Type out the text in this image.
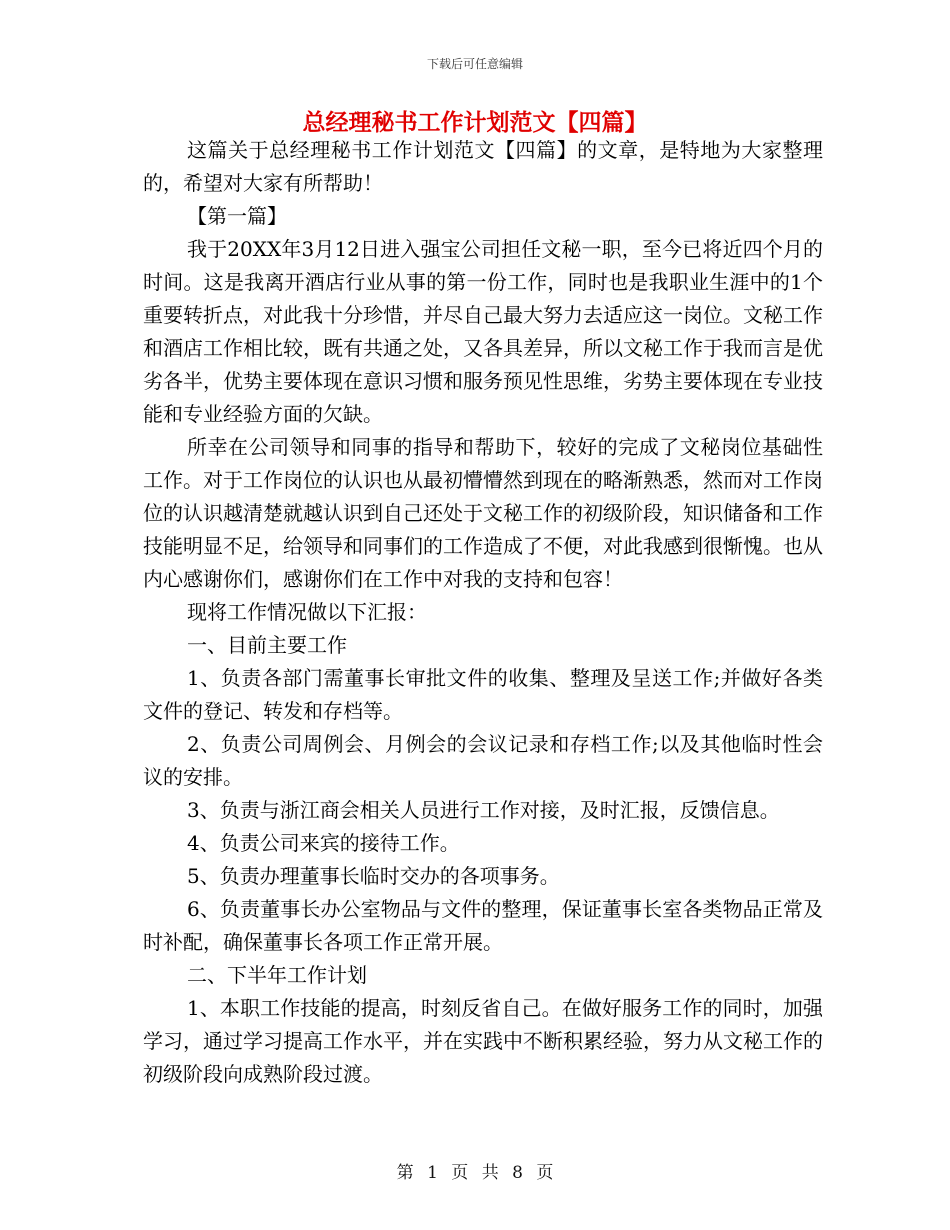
下载后可任意编辑
总经理秘书工作计划范文【四篇】

这篇关于总经理秘书工作计划范文【四篇】的文章，是特地为大家整理的，希望对大家有所帮助！

【第一篇】

我于20XX年3月12日进入强宝公司担任文秘一职，至今已将近四个月的时间。这是我离开酒店行业从事的第一份工作，同时也是我职业生涯中的1个重要转折点，对此我十分珍惜，并尽自己最大努力去适应这一岗位。文秘工作和酒店工作相比较，既有共通之处，又各具差异，所以文秘工作于我而言是优劣各半，优势主要体现在意识习惯和服务预见性思维，劣势主要体现在专业技能和专业经验方面的欠缺。

所幸在公司领导和同事的指导和帮助下，较好的完成了文秘岗位基础性工作。对于工作岗位的认识也从最初懵懵然到现在的略渐熟悉，然而对工作岗位的认识越清楚就越认识到自己还处于文秘工作的初级阶段，知识储备和工作技能明显不足，给领导和同事们的工作造成了不便，对此我感到很惭愧。也从内心感谢你们，感谢你们在工作中对我的支持和包容！

现将工作情况做以下汇报：

一、目前主要工作

1、负责各部门需董事长审批文件的收集、整理及呈送工作;并做好各类文件的登记、转发和存档等。

2、负责公司周例会、月例会的会议记录和存档工作;以及其他临时性会议的安排。

3、负责与浙江商会相关人员进行工作对接，及时汇报，反馈信息。

4、负责公司来宾的接待工作。

5、负责办理董事长临时交办的各项事务。

6、负责董事长办公室物品与文件的整理，保证董事长室各类物品正常及时补配，确保董事长各项工作正常开展。

二、下半年工作计划

1、本职工作技能的提高，时刻反省自己。在做好服务工作的同时，加强学习，通过学习提高工作水平，并在实践中不断积累经验，努力从文秘工作的初级阶段向成熟阶段过渡。

第 1 页 共 8 页
